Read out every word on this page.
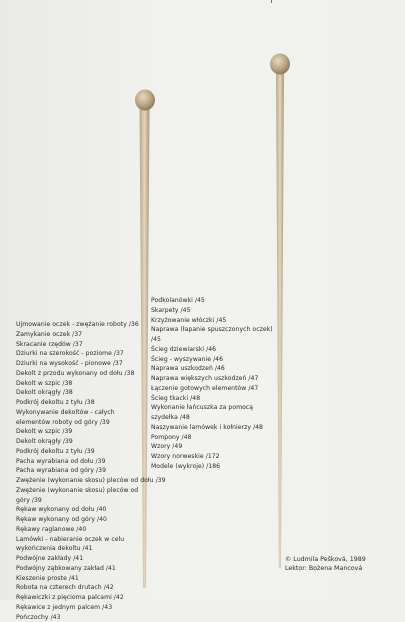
Ujmowanie oczek - zwężanie roboty /36
Zamykanie oczek /37
Skracanie rzędów /37
Dziurki na szerokość - poziome /37
Dziurki na wysokość - pionowe /37
Dekolt z przodu wykonany od dołu /38
Dekolt w szpic /38
Dekolt okrągły /38
Podkrój dekoltu z tyłu /38
Wykonywanie dekoltów - całych
elementów roboty od góry /39
Dekolt w szpic /39
Dekolt okrągły /39
Podkrój dekoltu z tyłu /39
Pacha wyrabiana od dołu /39
Pacha wyrabiana od góry /39
Zwężenie (wykonanie skosu) pleców od dołu /39
Zwężenie (wykonanie skosu) pleców od
góry /39
Rękaw wykonany od dołu /40
Rękaw wykonany od góry /40
Rękawy raglanowe /40
Lamówki - nabieranie oczek w celu
wykończenia dekoltu /41
Podwójne zakłady /41
Podwójny ząbkowany zakład /41
Kieszenie proste /41
Robota na czterech drutach /42
Rękawiczki z pięcioma palcami /42
Rękawice z jednym palcem /43
Pończochy /43
Podkolanówki /45
Skarpety /45
Krzyżowanie włóczki /45
Naprawa (łapanie spuszczonych oczek)
/45
Ścieg dziewiarski /46
Ścieg - wyszywanie /46
Naprawa uszkodzeń /46
Naprawa większych uszkodzeń /47
Łączenie gotowych elementów /47
Ścieg tkacki /48
Wykonanie łańcuszka za pomocą
szydełka /48
Naszywanie lamówek i kołnierzy /48
Pompony /48
Wzory /49
Wzory norweskie /172
Modele (wykroje) /186
© Ludmila Pešková, 1989
Lektor: Bożena Mancová
